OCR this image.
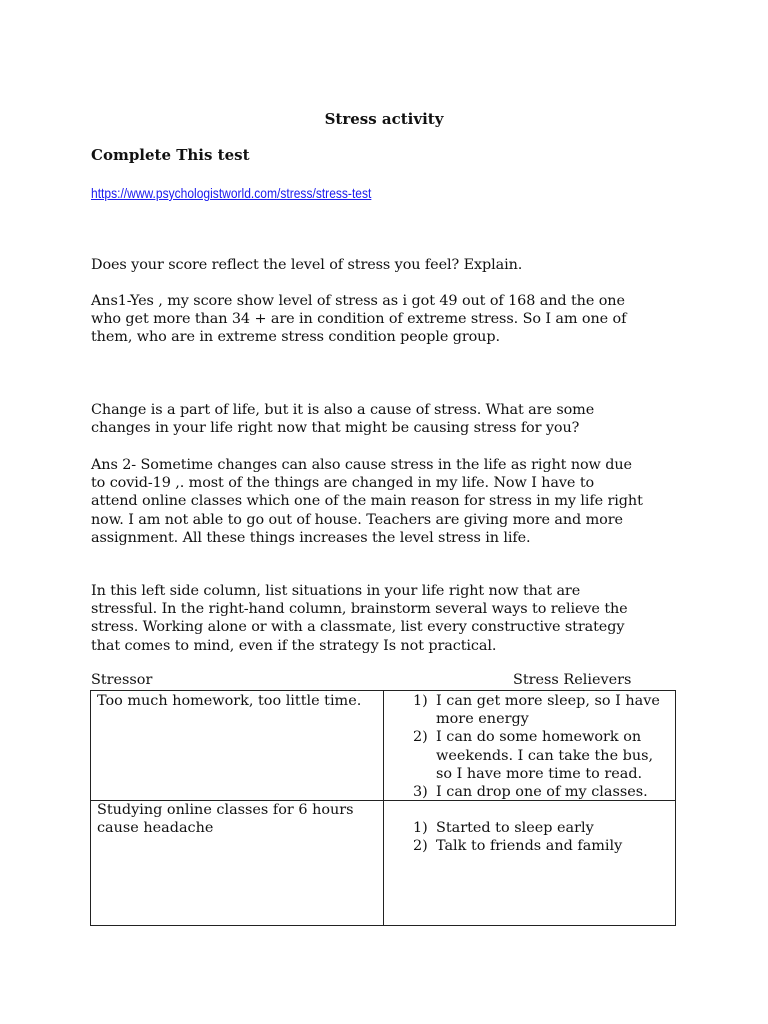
Stress activity
Complete This test
https://www.psychologistworld.com/stress/stress-test
Does your score reflect the level of stress you feel? Explain.
Ans1-Yes , my score show level of stress as i got 49 out of 168 and the one
who get more than 34 + are in condition of extreme stress. So I am one of
them, who are in extreme stress condition people group.
Change is a part of life, but it is also a cause of stress. What are some
changes in your life right now that might be causing stress for you?
Ans 2- Sometime changes can also cause stress in the life as right now due
to covid-19 ,. most of the things are changed in my life. Now I have to
attend online classes which one of the main reason for stress in my life right
now. I am not able to go out of house. Teachers are giving more and more
assignment. All these things increases the level stress in life.
In this left side column, list situations in your life right now that are
stressful. In the right-hand column, brainstorm several ways to relieve the
stress. Working alone or with a classmate, list every constructive strategy
that comes to mind, even if the strategy Is not practical.
Stressor	Stress Relievers
Too much homework, too little time.	1) I can get more sleep, so I have
more energy
2) I can do some homework on
weekends. I can take the bus,
so I have more time to read.
3) I can drop one of my classes.
Studying online classes for 6 hours
cause headache	1) Started to sleep early
2) Talk to friends and family
